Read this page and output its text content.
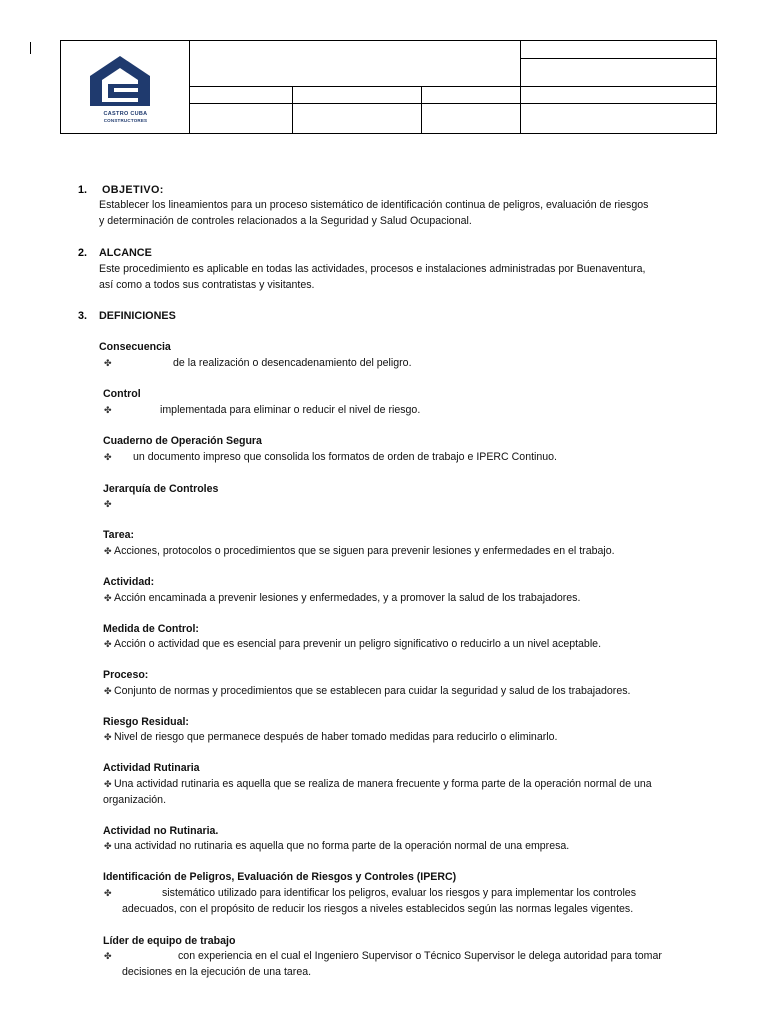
CASTRO CUBA
CONSTRUCTORES
1. OBJETIVO:
Establecer los lineamientos para un proceso sistemático de identificación continua de peligros, evaluación de riesgos
y determinación de controles relacionados a la Seguridad y Salud Ocupacional.
2. ALCANCE
Este procedimiento es aplicable en todas las actividades, procesos e instalaciones administradas por Buenaventura,
así como a todos sus contratistas y visitantes.
3. DEFINICIONES
Consecuencia
✤	de la realización o desencadenamiento del peligro.
Control
✤	implementada para eliminar o reducir el nivel de riesgo.
Cuaderno de Operación Segura
✤ un documento impreso que consolida los formatos de orden de trabajo e IPERC Continuo.
Jerarquía de Controles
✤
Tarea:
✤ Acciones, protocolos o procedimientos que se siguen para prevenir lesiones y enfermedades en el trabajo.
Actividad:
✤ Acción encaminada a prevenir lesiones y enfermedades, y a promover la salud de los trabajadores.
Medida de Control:
✤ Acción o actividad que es esencial para prevenir un peligro significativo o reducirlo a un nivel aceptable.
Proceso:
✤ Conjunto de normas y procedimientos que se establecen para cuidar la seguridad y salud de los trabajadores.
Riesgo Residual:
✤ Nivel de riesgo que permanece después de haber tomado medidas para reducirlo o eliminarlo.
Actividad Rutinaria
✤ Una actividad rutinaria es aquella que se realiza de manera frecuente y forma parte de la operación normal de una
organización.
Actividad no Rutinaria.
✤ una actividad no rutinaria es aquella que no forma parte de la operación normal de una empresa.
Identificación de Peligros, Evaluación de Riesgos y Controles (IPERC)
✤	sistemático utilizado para identificar los peligros, evaluar los riesgos y para implementar los controles
adecuados, con el propósito de reducir los riesgos a niveles establecidos según las normas legales vigentes.
Líder de equipo de trabajo
✤	con experiencia en el cual el Ingeniero Supervisor o Técnico Supervisor le delega autoridad para tomar
decisiones en la ejecución de una tarea.
